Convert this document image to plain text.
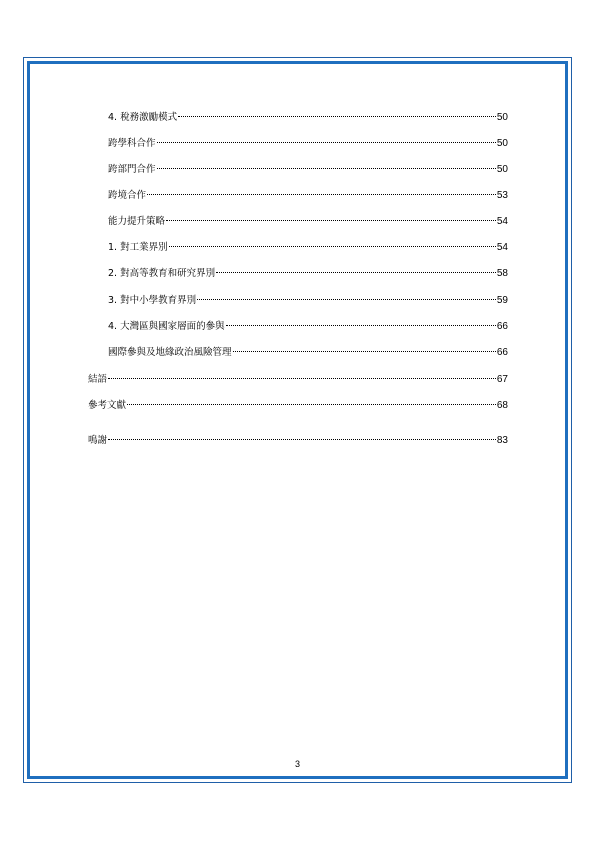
4. 稅務激勵模式	50
跨學科合作	50
跨部門合作	50
跨境合作	53
能力提升策略	54
1. 對工業界別	54
2. 對高等教育和研究界別	58
3. 對中小學教育界別	59
4. 大灣區與國家層面的參與	66
國際參與及地緣政治風險管理	66
結語	67
參考文獻	68
鳴謝	83
3
